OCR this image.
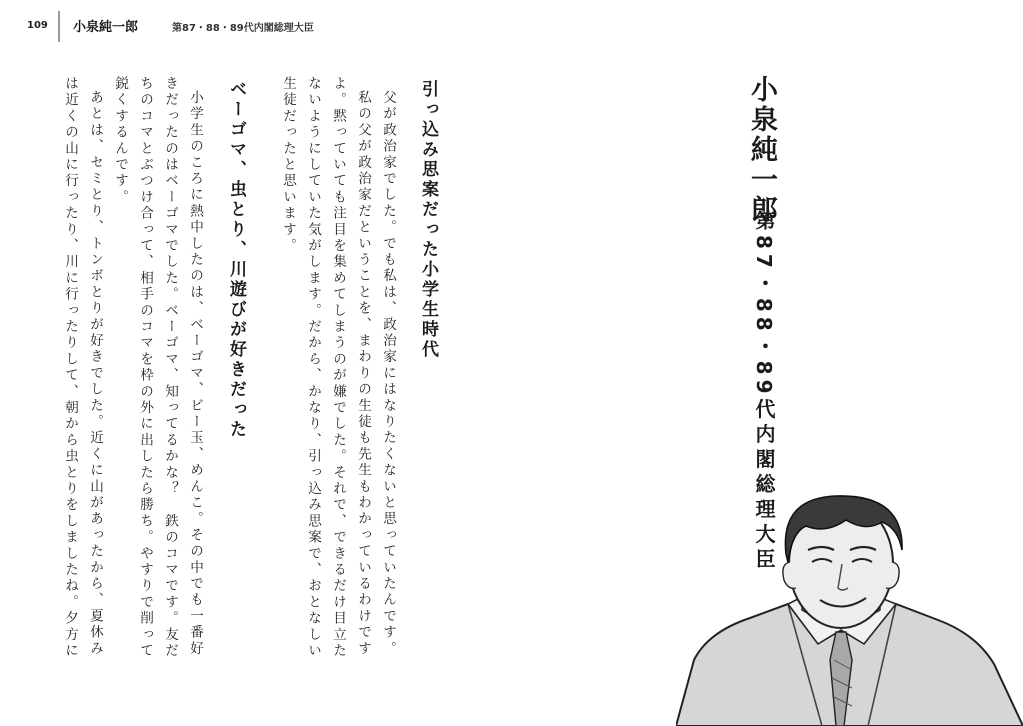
109 小泉純一郎	第87・88・89代内閣総理大臣
小泉純一郎
第87・88・89代内閣総理大臣
引っ込み思案だった小学生時代
父が政治家でした。でも私は、政治家にはなりたくないと思っていたんです。
私の父が政治家だということを、まわりの生徒も先生もわかっているわけです
よ。黙っていても注目を集めてしまうのが嫌でした。それで、できるだけ目立た
ないようにしていた気がします。だから、かなり、引っ込み思案で、おとなしい
生徒だったと思います。
ベーゴマ、虫とり、川遊びが好きだった
小学生のころに熱中したのは、ベーゴマ、ビー玉、めんこ。その中でも一番好
きだったのはベーゴマでした。ベーゴマ、知ってるかな？　鉄のコマです。友だ
ちのコマとぶつけ合って、相手のコマを枠の外に出したら勝ち。やすりで削って
鋭くするんです。
あとは、セミとり、トンボとりが好きでした。近くに山があったから、夏休み
は近くの山に行ったり、川に行ったりして、朝から虫とりをしましたね。夕方に
